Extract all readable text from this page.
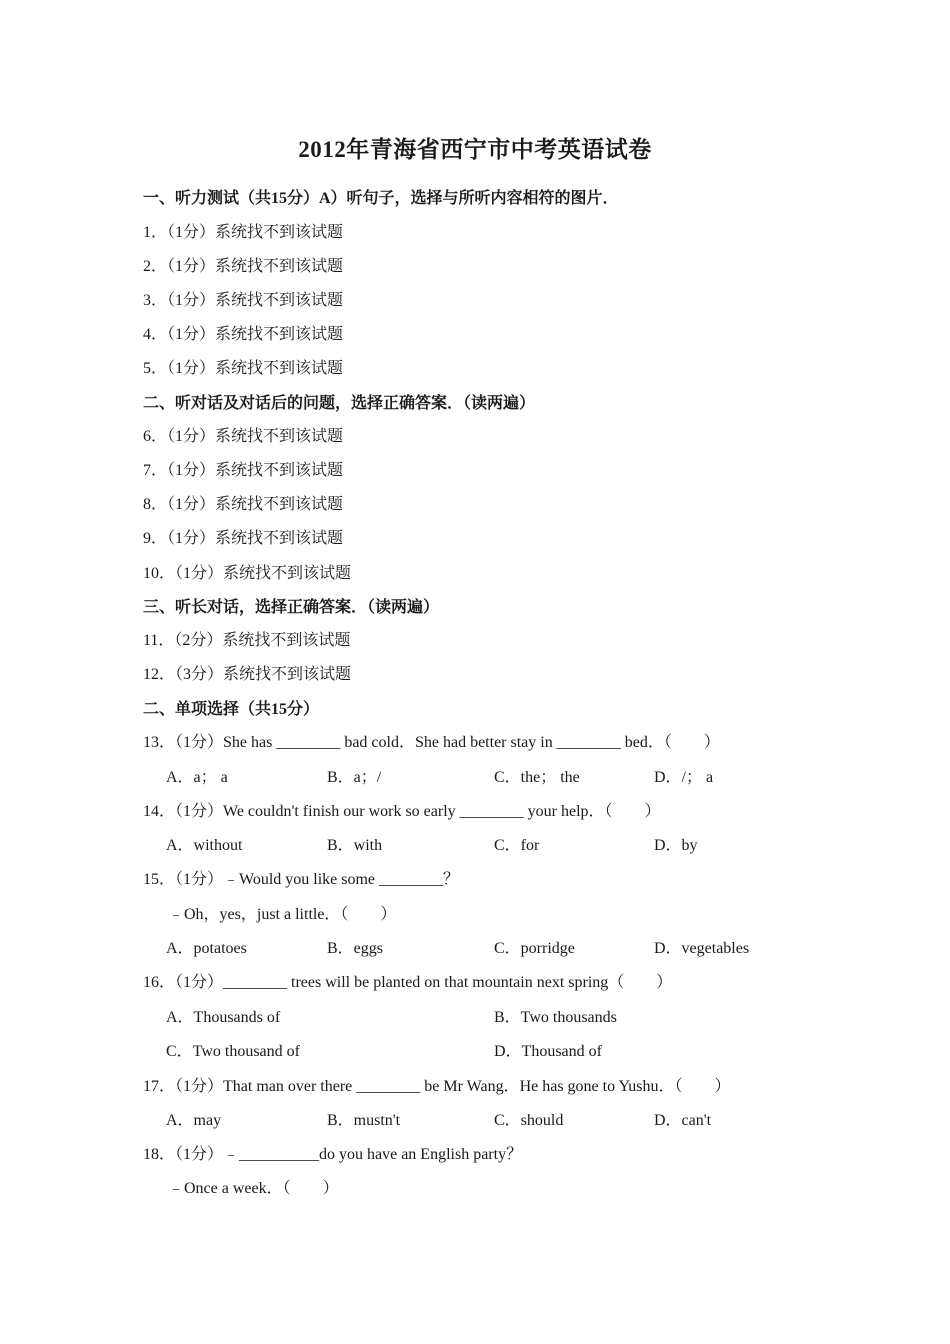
2012年青海省西宁市中考英语试卷
一、听力测试（共15分）A）听句子，选择与所听内容相符的图片．
1．（1分）系统找不到该试题
2．（1分）系统找不到该试题
3．（1分）系统找不到该试题
4．（1分）系统找不到该试题
5．（1分）系统找不到该试题
二、听对话及对话后的问题，选择正确答案．（读两遍）
6．（1分）系统找不到该试题
7．（1分）系统找不到该试题
8．（1分）系统找不到该试题
9．（1分）系统找不到该试题
10．（1分）系统找不到该试题
三、听长对话，选择正确答案．（读两遍）
11．（2分）系统找不到该试题
12．（3分）系统找不到该试题
二、单项选择（共15分）
13．（1分）She has ________ bad cold．She had better stay in ________ bed．（　　）
A．a； a	B．a；/	C．the； the	D．/； a
14．（1分）We couldn't finish our work so early ________ your help．（　　）
A．without	B．with	C．for	D．by
15．（1分）﹣Would you like some ________？
﹣Oh，yes，just a little．（　　）
A．potatoes	B．eggs	C．porridge	D．vegetables
16．（1分）________ trees will be planted on that mountain next spring（　　）
A．Thousands of	B．Two thousands
C．Two thousand of	D．Thousand of
17．（1分）That man over there ________ be Mr Wang．He has gone to Yushu．（　　）
A．may	B．mustn't	C．should	D．can't
18．（1分）﹣__________do you have an English party？
﹣Once a week．（　　）
